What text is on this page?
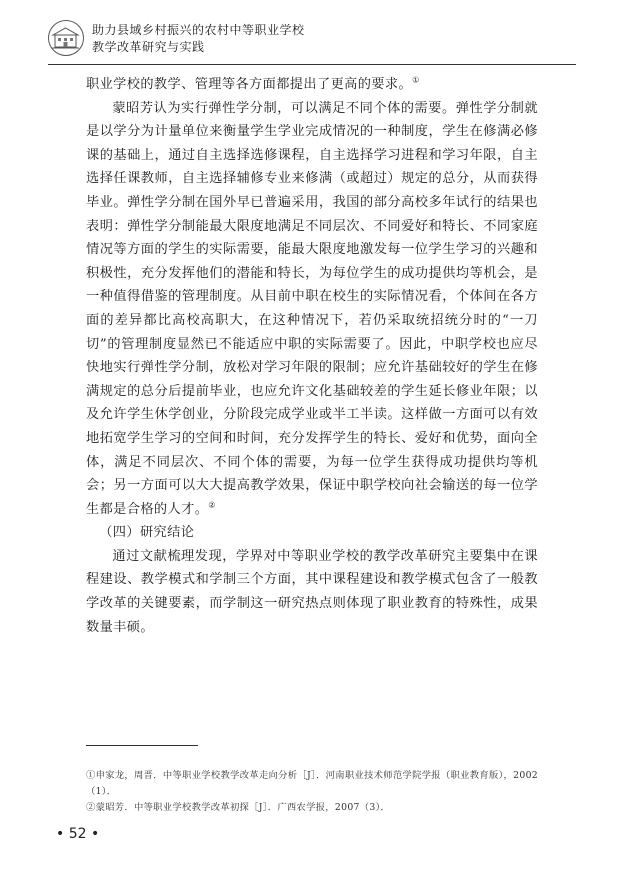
助力县域乡村振兴的农村中等职业学校
教学改革研究与实践

职业学校的教学、管理等各方面都提出了更高的要求。①

蒙昭芳认为实行弹性学分制，可以满足不同个体的需要。弹性学分制就是以学分为计量单位来衡量学生学业完成情况的一种制度，学生在修满必修课的基础上，通过自主选择选修课程，自主选择学习进程和学习年限，自主选择任课教师，自主选择辅修专业来修满（或超过）规定的总分，从而获得毕业。弹性学分制在国外早已普遍采用，我国的部分高校多年试行的结果也表明：弹性学分制能最大限度地满足不同层次、不同爱好和特长、不同家庭情况等方面的学生的实际需要，能最大限度地激发每一位学生学习的兴趣和积极性，充分发挥他们的潜能和特长，为每位学生的成功提供均等机会，是一种值得借鉴的管理制度。从目前中职在校生的实际情况看，个体间在各方面的差异都比高校高职大，在这种情况下，若仍采取统招统分时的“一刀切”的管理制度显然已不能适应中职的实际需要了。因此，中职学校也应尽快地实行弹性学分制，放松对学习年限的限制；应允许基础较好的学生在修满规定的总分后提前毕业，也应允许文化基础较差的学生延长修业年限；以及允许学生休学创业，分阶段完成学业或半工半读。这样做一方面可以有效地拓宽学生学习的空间和时间，充分发挥学生的特长、爱好和优势，面向全体，满足不同层次、不同个体的需要，为每一位学生获得成功提供均等机会；另一方面可以大大提高教学效果，保证中职学校向社会输送的每一位学生都是合格的人才。②

（四）研究结论

通过文献梳理发现，学界对中等职业学校的教学改革研究主要集中在课程建设、教学模式和学制三个方面，其中课程建设和教学模式包含了一般教学改革的关键要素，而学制这一研究热点则体现了职业教育的特殊性，成果数量丰硕。

①申家龙，周晋．中等职业学校教学改革走向分析［J］．河南职业技术师范学院学报（职业教育版），2002（1）．

②蒙昭芳．中等职业学校教学改革初探［J］．广西农学报，2007（3）．

• 52 •
